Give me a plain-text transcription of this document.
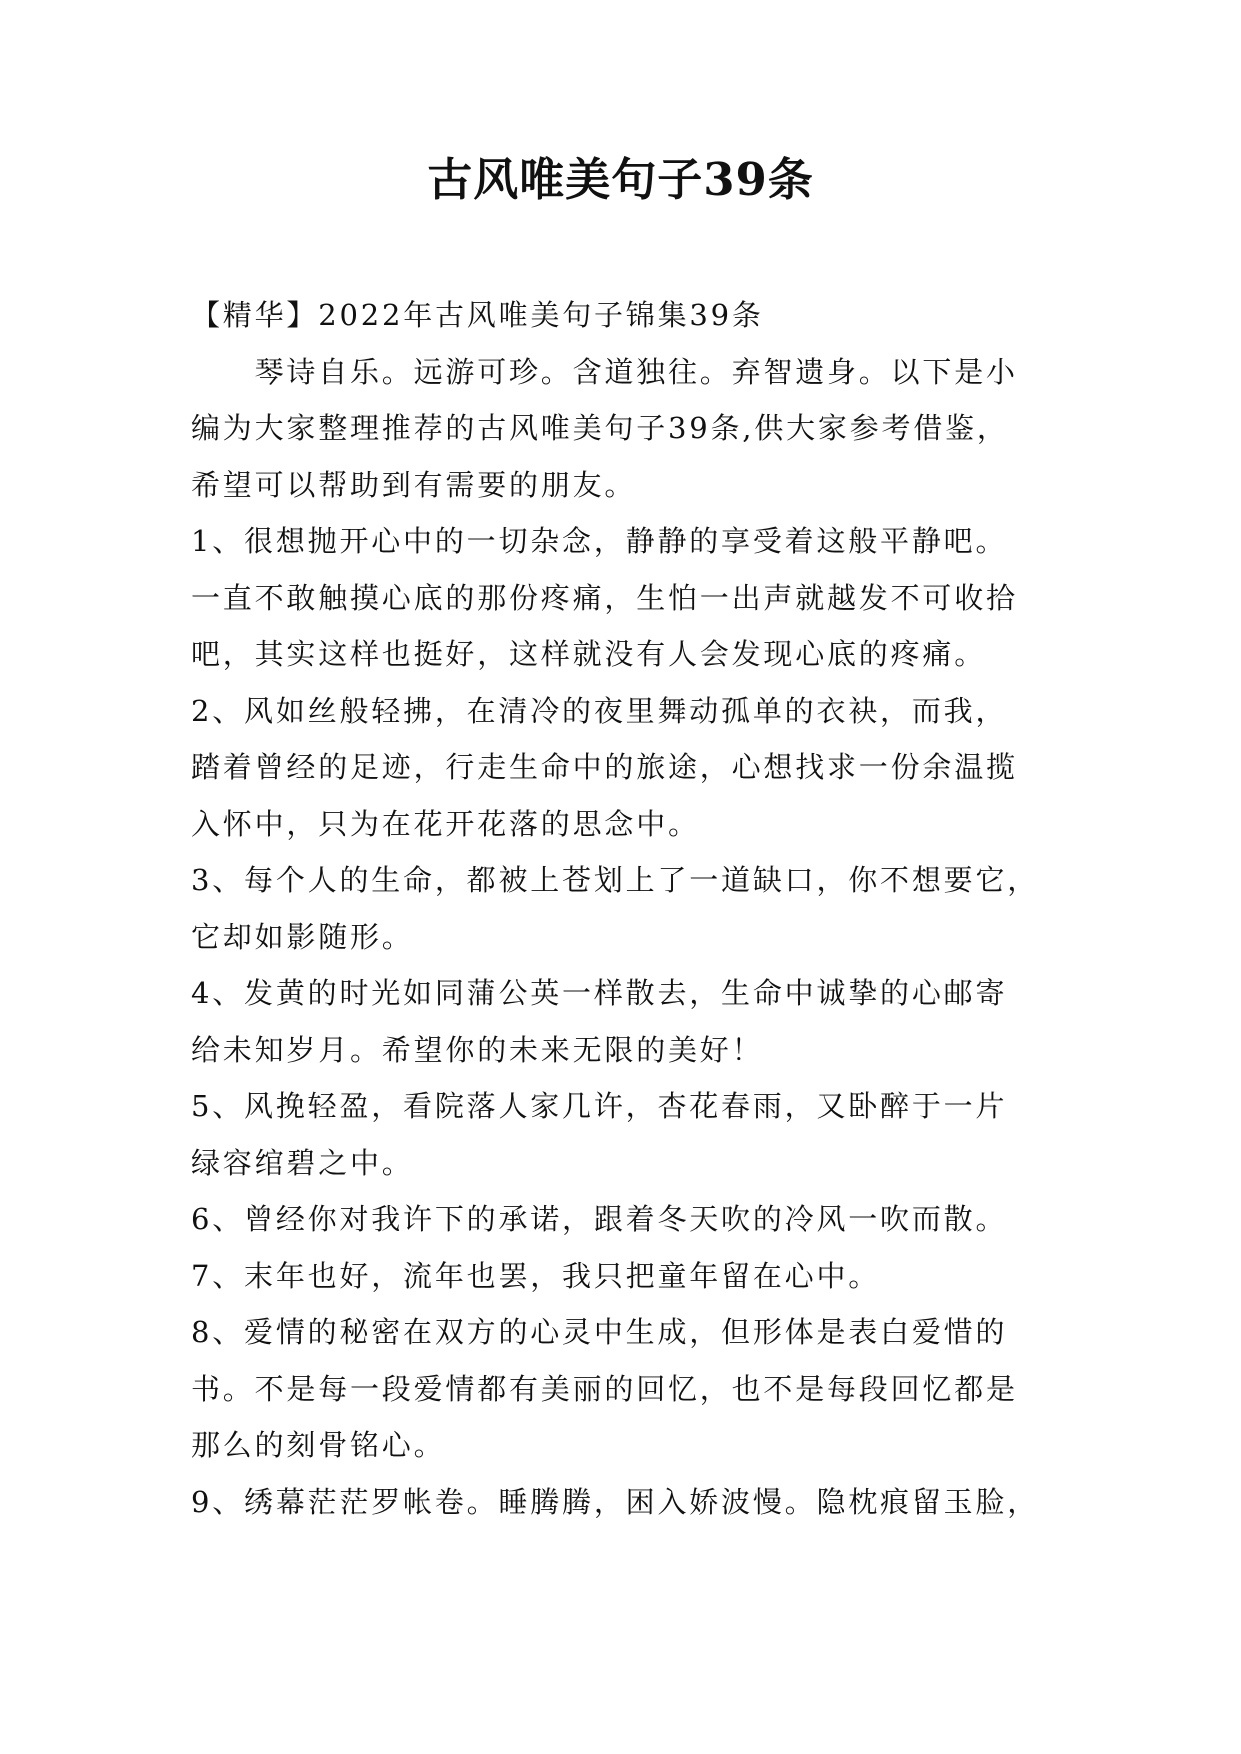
古风唯美句子39条
【精华】2022年古风唯美句子锦集39条
　　琴诗自乐。远游可珍。含道独往。弃智遗身。以下是小
编为大家整理推荐的古风唯美句子39条,供大家参考借鉴，
希望可以帮助到有需要的朋友。
1、很想抛开心中的一切杂念，静静的享受着这般平静吧。
一直不敢触摸心底的那份疼痛，生怕一出声就越发不可收拾
吧，其实这样也挺好，这样就没有人会发现心底的疼痛。
2、风如丝般轻拂，在清冷的夜里舞动孤单的衣袂，而我，
踏着曾经的足迹，行走生命中的旅途，心想找求一份余温揽
入怀中，只为在花开花落的思念中。
3、每个人的生命，都被上苍划上了一道缺口，你不想要它，
它却如影随形。
4、发黄的时光如同蒲公英一样散去，生命中诚挚的心邮寄
给未知岁月。希望你的未来无限的美好！
5、风挽轻盈，看院落人家几许，杏花春雨，又卧醉于一片
绿容绾碧之中。
6、曾经你对我许下的承诺，跟着冬天吹的冷风一吹而散。
7、末年也好，流年也罢，我只把童年留在心中。
8、爱情的秘密在双方的心灵中生成，但形体是表白爱惜的
书。不是每一段爱情都有美丽的回忆，也不是每段回忆都是
那么的刻骨铭心。
9、绣幕茫茫罗帐卷。睡腾腾，困入娇波慢。隐枕痕留玉脸，
